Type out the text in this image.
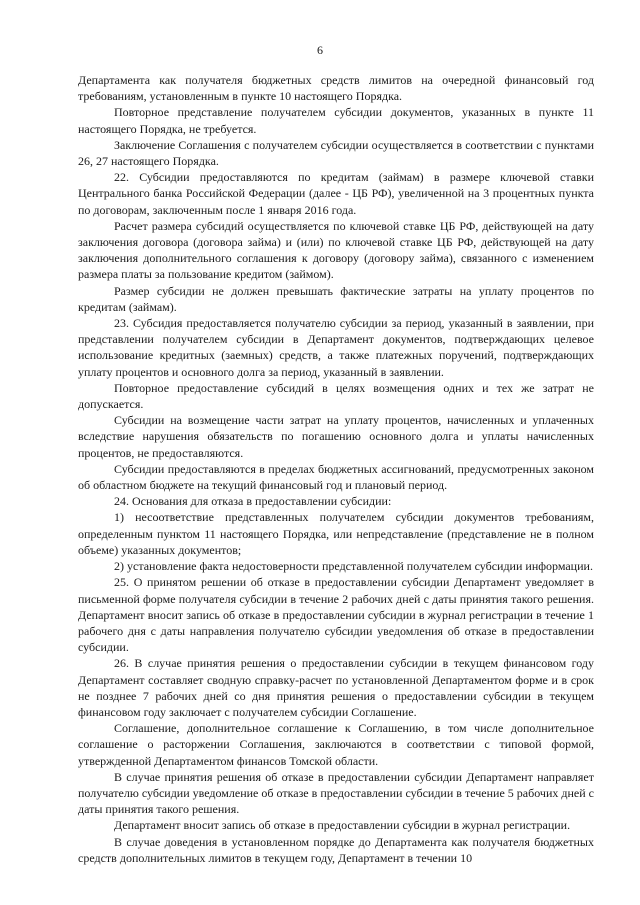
6

Департамента как получателя бюджетных средств лимитов на очередной финансовый год требованиям, установленным в пункте 10 настоящего Порядка.

Повторное представление получателем субсидии документов, указанных в пункте 11 настоящего Порядка, не требуется.

Заключение Соглашения с получателем субсидии осуществляется в соответствии с пунктами 26, 27 настоящего Порядка.

22. Субсидии предоставляются по кредитам (займам) в размере ключевой ставки Центрального банка Российской Федерации (далее - ЦБ РФ), увеличенной на 3 процентных пункта по договорам, заключенным после 1 января 2016 года.

Расчет размера субсидий осуществляется по ключевой ставке ЦБ РФ, действующей на дату заключения договора (договора займа) и (или) по ключевой ставке ЦБ РФ, действующей на дату заключения дополнительного соглашения к договору (договору займа), связанного с изменением размера платы за пользование кредитом (займом).

Размер субсидии не должен превышать фактические затраты на уплату процентов по кредитам (займам).

23. Субсидия предоставляется получателю субсидии за период, указанный в заявлении, при представлении получателем субсидии в Департамент документов, подтверждающих целевое использование кредитных (заемных) средств, а также платежных поручений, подтверждающих уплату процентов и основного долга за период, указанный в заявлении.

Повторное предоставление субсидий в целях возмещения одних и тех же затрат не допускается.

Субсидии на возмещение части затрат на уплату процентов, начисленных и уплаченных вследствие нарушения обязательств по погашению основного долга и уплаты начисленных процентов, не предоставляются.

Субсидии предоставляются в пределах бюджетных ассигнований, предусмотренных законом об областном бюджете на текущий финансовый год и плановый период.

24. Основания для отказа в предоставлении субсидии:

1) несоответствие представленных получателем субсидии документов требованиям, определенным пунктом 11 настоящего Порядка, или непредставление (представление не в полном объеме) указанных документов;

2) установление факта недостоверности представленной получателем субсидии информации.

25. О принятом решении об отказе в предоставлении субсидии Департамент уведомляет в письменной форме получателя субсидии в течение 2 рабочих дней с даты принятия такого решения. Департамент вносит запись об отказе в предоставлении субсидии в журнал регистрации в течение 1 рабочего дня с даты направления получателю субсидии уведомления об отказе в предоставлении субсидии.

26. В случае принятия решения о предоставлении субсидии в текущем финансовом году Департамент составляет сводную справку-расчет по установленной Департаментом форме и в срок не позднее 7 рабочих дней со дня принятия решения о предоставлении субсидии в текущем финансовом году заключает с получателем субсидии Соглашение.

Соглашение, дополнительное соглашение к Соглашению, в том числе дополнительное соглашение о расторжении Соглашения, заключаются в соответствии с типовой формой, утвержденной Департаментом финансов Томской области.

В случае принятия решения об отказе в предоставлении субсидии Департамент направляет получателю субсидии уведомление об отказе в предоставлении субсидии в течение 5 рабочих дней с даты принятия такого решения.

Департамент вносит запись об отказе в предоставлении субсидии в журнал регистрации.

В случае доведения в установленном порядке до Департамента как получателя бюджетных средств дополнительных лимитов в текущем году, Департамент в течении 10
